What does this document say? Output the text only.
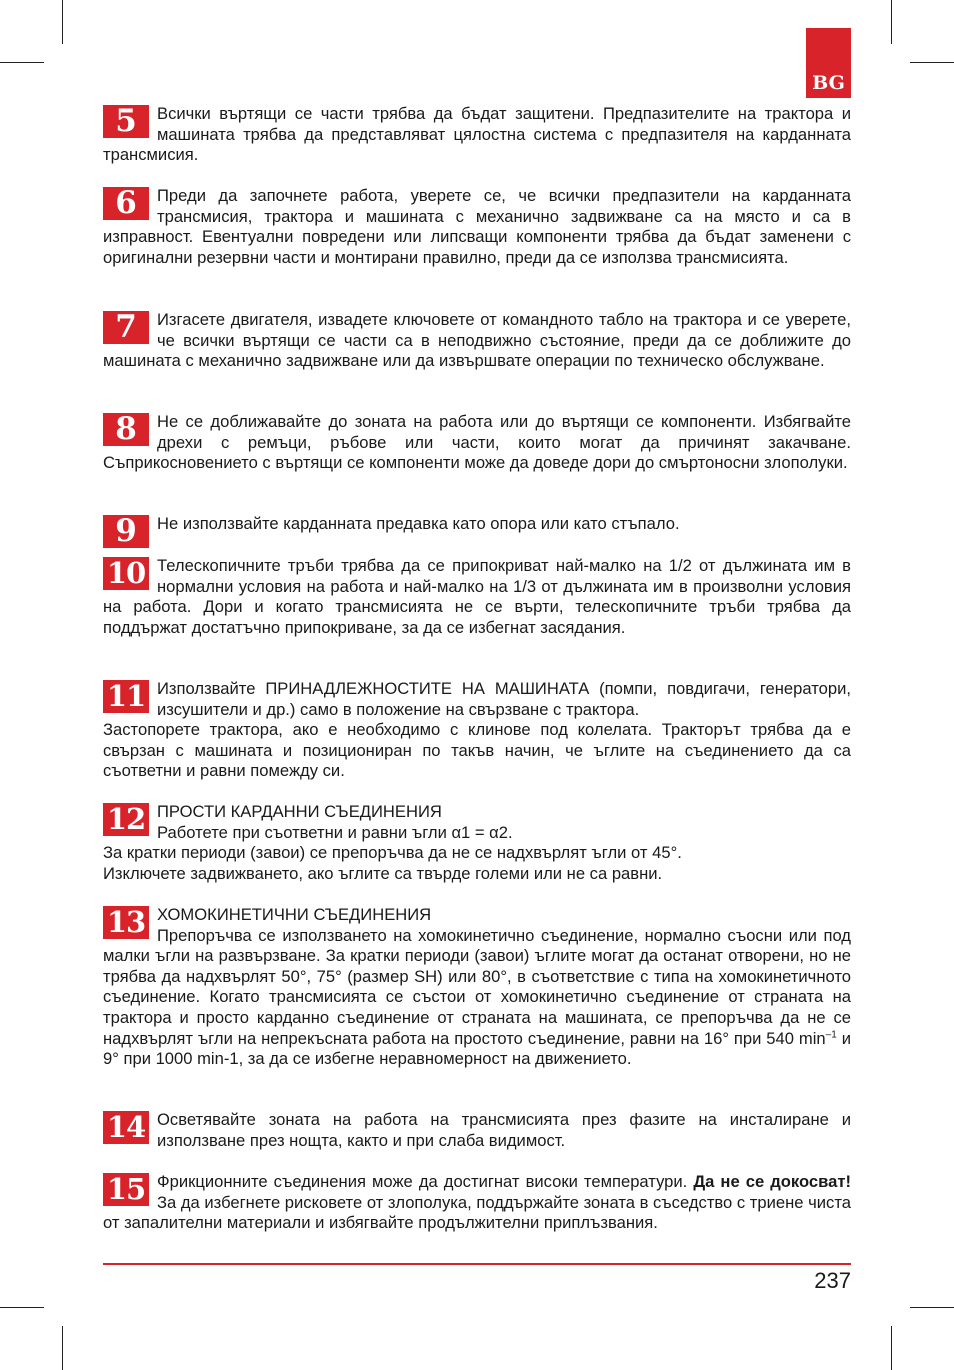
BG
5	Всички въртящи се части трябва да бъдат защитени. Предпазителите на трактора и машината трябва да представляват цялостна система с предпазителя на карданната трансмисия.

6	Преди да започнете работа, уверете се, че всички предпазители на карданната трансмисия, трактора и машината с механично задвижване са на място и са в изправност. Евентуални повредени или липсващи компоненти трябва да бъдат заменени с оригинални резервни части и монтирани правилно, преди да се използва трансмисията.

7	Изгасете двигателя, извадете ключовете от командното табло на трактора и се уверете, че всички въртящи се части са в неподвижно състояние, преди да се доближите до машината с механично задвижване или да извършвате операции по техническо обслужване.

8	Не се доближавайте до зоната на работа или до въртящи се компоненти. Избягвайте дрехи с ремъци, ръбове или части, които могат да причинят закачване. Съприкосновението с въртящи се компоненти може да доведе дори до смъртоносни злополуки.

9	Не използвайте карданната предавка като опора или като стъпало.

10 Телескопичните тръби трябва да се припокриват най-малко на 1/2 от дължината им в нормални условия на работа и най-малко на 1/3 от дължината им в произволни условия на работа. Дори и когато трансмисията не се върти, телескопичните тръби трябва да поддържат достатъчно припокриване, за да се избегнат засядания.

11 Използвайте ПРИНАДЛЕЖНОСТИТЕ НА МАШИНАТА (помпи, повдигачи, генератори, изсушители и др.) само в положение на свързване с трактора.

Застопорете трактора, ако е необходимо с клинове под колелата. Тракторът трябва да е свързан с машината и позициониран по такъв начин, че ъглите на съединението да са съответни и равни помежду си.

12 ПРОСТИ КАРДАННИ СЪЕДИНЕНИЯ
Работете при съответни и равни ъгли α1 = α2.
За кратки периоди (завои) се препоръчва да не се надхвърлят ъгли от 45°.
Изключете задвижването, ако ъглите са твърде големи или не са равни.
13 ХОМОКИНЕТИЧНИ СЪЕДИНЕНИЯ

Препоръчва се използването на хомокинетично съединение, нормално съосни или под малки ъгли на развързване. За кратки периоди (завои) ъглите могат да останат отворени, но не трябва да надхвърлят 50°, 75° (размер SH) или 80°, в съответствие с типа на хомокинетичното съединение. Когато трансмисията се състои от хомокинетично съединение от страната на трактора и просто карданно съединение от страната на машината, се препоръчва да не се надхвърлят ъгли на непрекъсната работа на простото съединение, равни на 16° при 540 $\min^{-1} и$ 9° при 1000 min-1, за да се избегне неравномерност на движението.

14 Осветявайте зоната на работа на трансмисията през фазите на инсталиране и използване през нощта, както и при слаба видимост.

15 Фрикционните съединения може да достигнат високи температури. Да не се докосват! За да избегнете рисковете от злополука, поддържайте зоната в съседство с триене чиста от запалителни материали и избягвайте продължителни приплъзвания.

237
